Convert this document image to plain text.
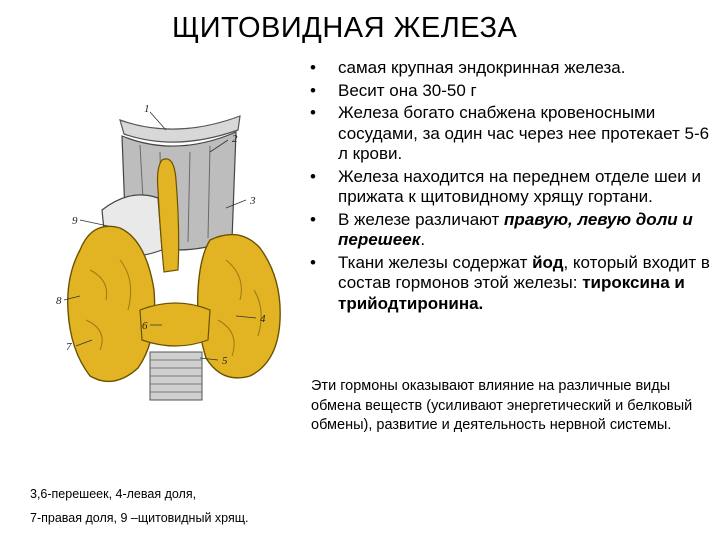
ЩИТОВИДНАЯ ЖЕЛЕЗА
1
2
3
4
5
6
7
8
9
• самая крупная эндокринная железа.
• Весит она 30-50 г
• Железа богато снабжена кровеносными сосудами, за один час через нее протекает 5-6 л крови.
• Железа находится на переднем отделе шеи и прижата к щитовидному хрящу гортани.
• В железе различают правую, левую доли и перешеек.
• Ткани железы содержат йод, который входит в состав гормонов этой железы: тироксина и трийодтиронина.
Эти гормоны оказывают влияние на различные виды обмена веществ (усиливают энергетический и белковый обмены), развитие и деятельность нервной системы.
3,6-перешеек, 4-левая доля,
7-правая доля, 9 –щитовидный хрящ.
